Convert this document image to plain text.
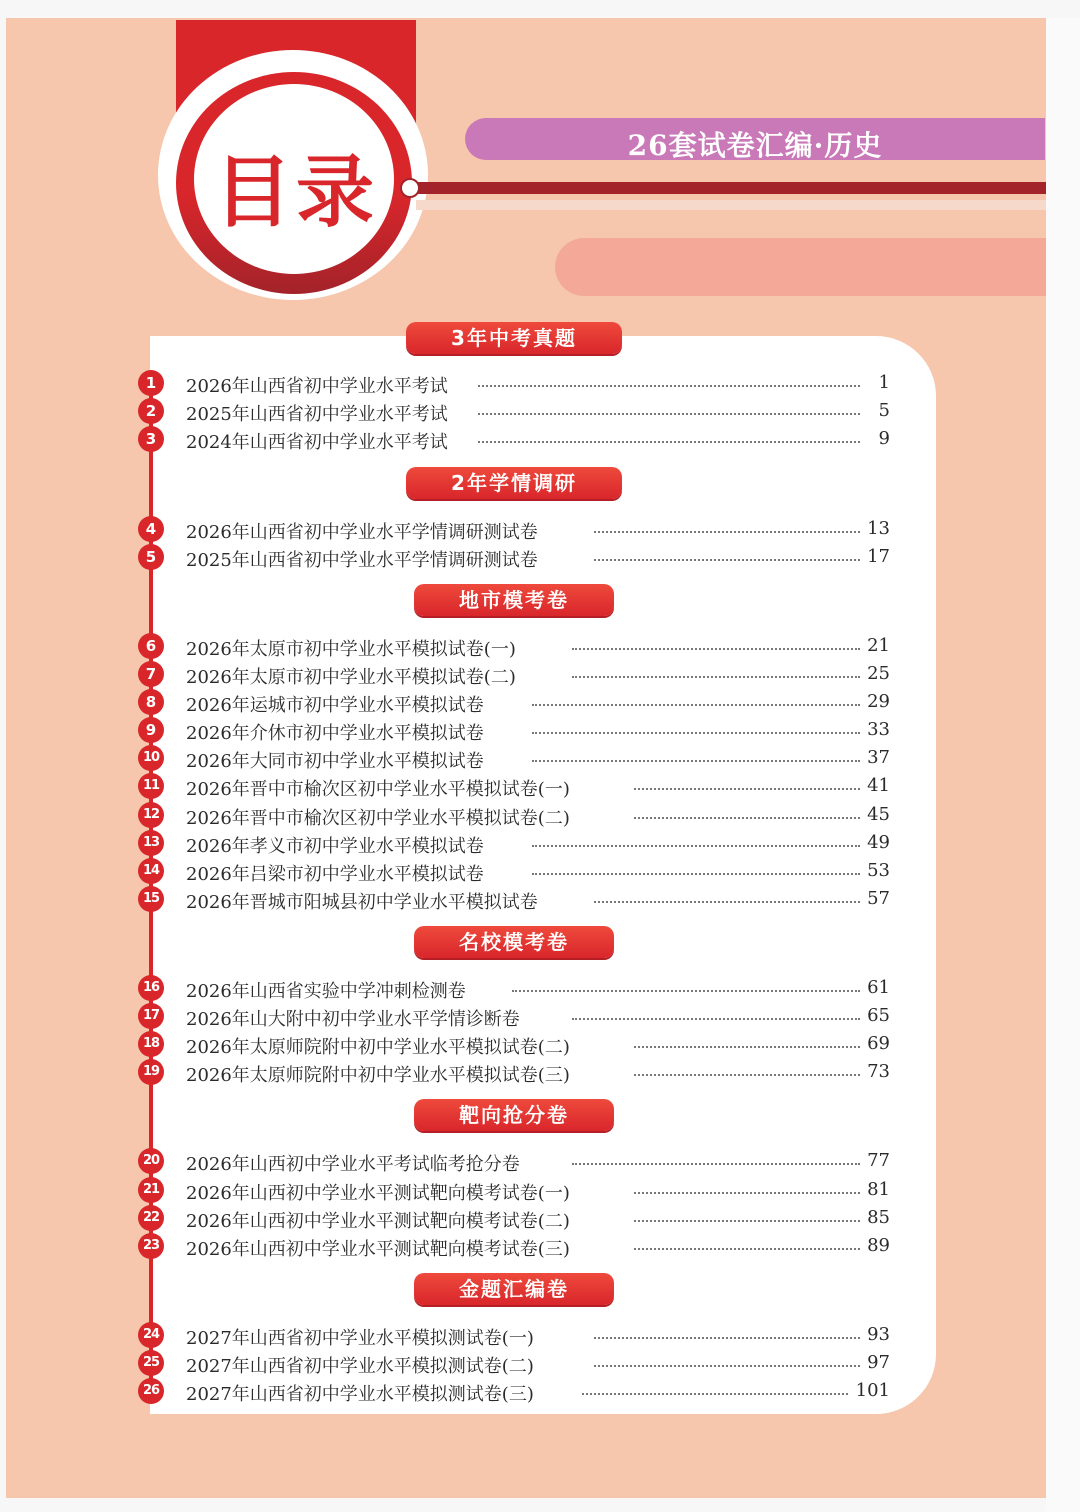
目录
26套试卷汇编·历史
3年中考真题
1	2026年山西省初中学业水平考试	1
2	2025年山西省初中学业水平考试	5
3	2024年山西省初中学业水平考试	9
2年学情调研
4	2026年山西省初中学业水平学情调研测试卷	13
5	2025年山西省初中学业水平学情调研测试卷	17
地市模考卷
6	2026年太原市初中学业水平模拟试卷(一)	21
7	2026年太原市初中学业水平模拟试卷(二)	25
8	2026年运城市初中学业水平模拟试卷	29
9	2026年介休市初中学业水平模拟试卷	33
10 2026年大同市初中学业水平模拟试卷	37
11 2026年晋中市榆次区初中学业水平模拟试卷(一)	41
12 2026年晋中市榆次区初中学业水平模拟试卷(二)	45
13 2026年孝义市初中学业水平模拟试卷	49
14 2026年吕梁市初中学业水平模拟试卷	53
15 2026年晋城市阳城县初中学业水平模拟试卷	57
名校模考卷
16 2026年山西省实验中学冲刺检测卷	61
17 2026年山大附中初中学业水平学情诊断卷	65
18 2026年太原师院附中初中学业水平模拟试卷(二)	69
19 2026年太原师院附中初中学业水平模拟试卷(三)	73
靶向抢分卷
20 2026年山西初中学业水平考试临考抢分卷	77
21 2026年山西初中学业水平测试靶向模考试卷(一)	81
22 2026年山西初中学业水平测试靶向模考试卷(二)	85
23 2026年山西初中学业水平测试靶向模考试卷(三)	89
金题汇编卷
24 2027年山西省初中学业水平模拟测试卷(一)	93
25 2027年山西省初中学业水平模拟测试卷(二)	97
26 2027年山西省初中学业水平模拟测试卷(三)	101
